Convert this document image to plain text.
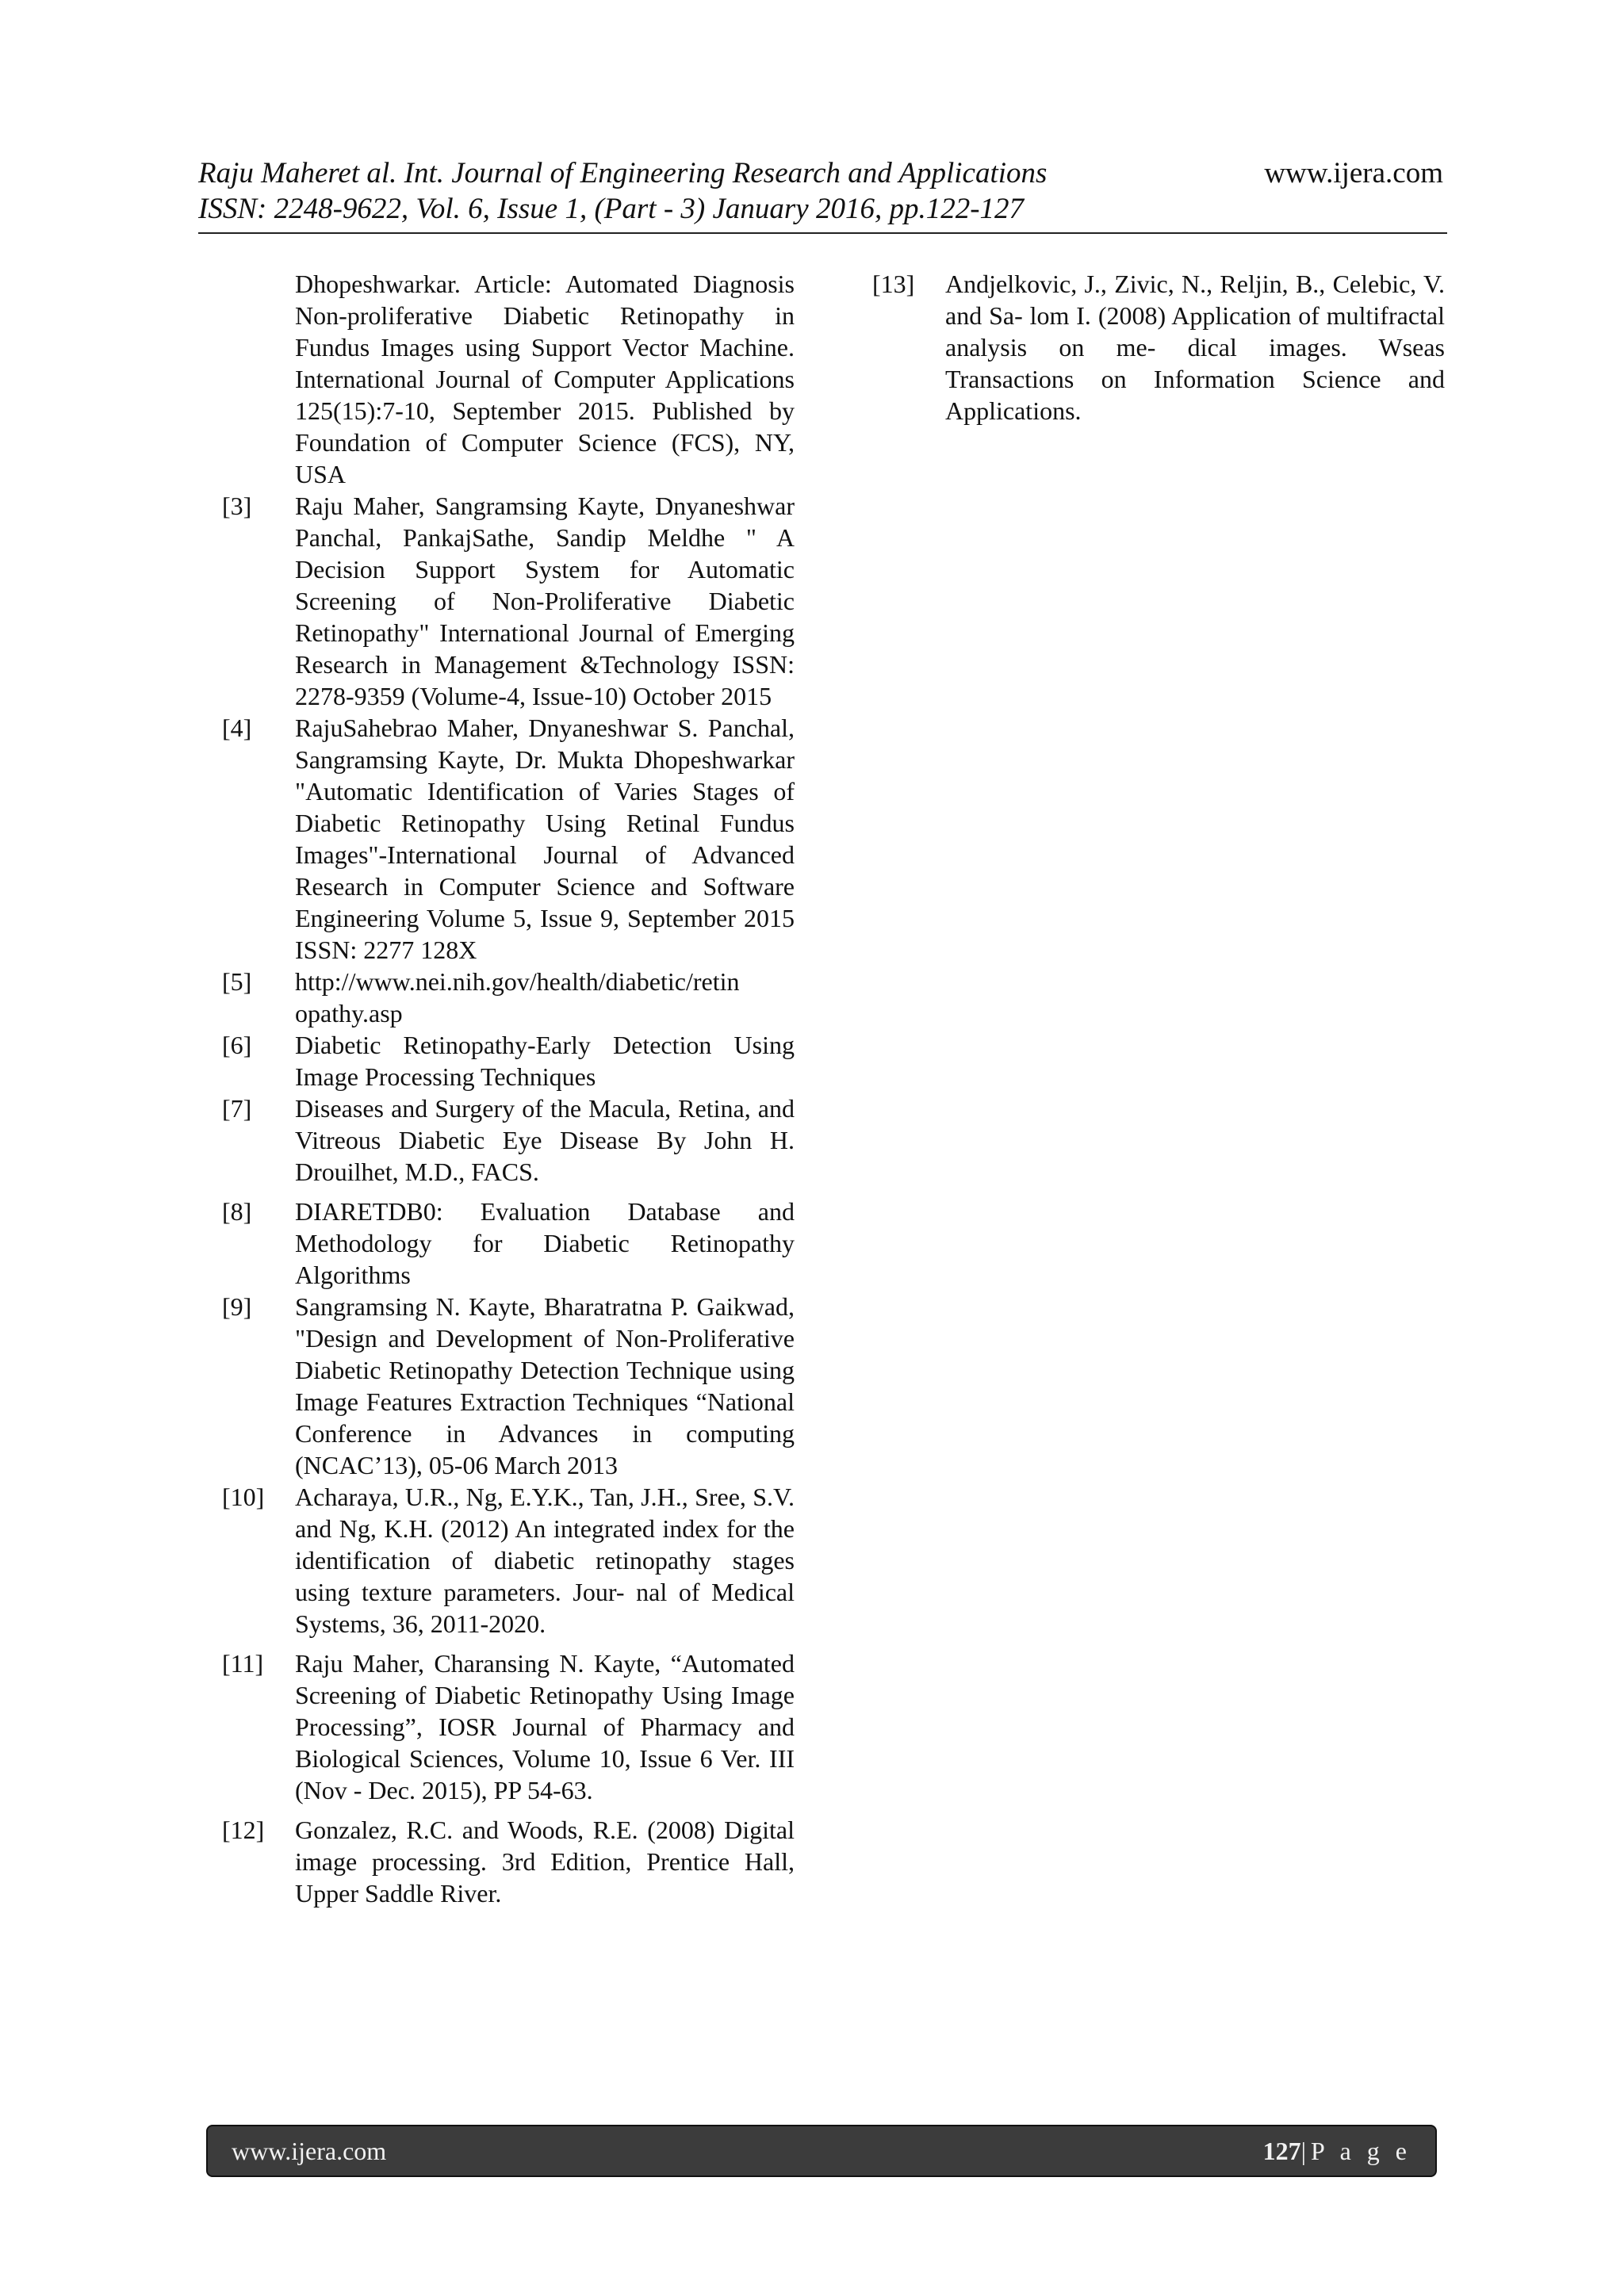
Raju Maheret al. Int. Journal of Engineering Research and Applications	www.ijera.com
ISSN: 2248-9622, Vol. 6, Issue 1, (Part - 3) January 2016, pp.122-127
Dhopeshwarkar. Article: Automated Diagnosis Non-proliferative Diabetic Retinopathy in Fundus Images using Support Vector Machine. International Journal of Computer Applications 125(15):7-10, September 2015. Published by Foundation of Computer Science (FCS), NY, USA
[3]	Raju Maher, Sangramsing Kayte, Dnyaneshwar Panchal, PankajSathe, Sandip Meldhe " A Decision Support System for Automatic Screening of Non-Proliferative Diabetic Retinopathy" International Journal of Emerging Research in Management &Technology ISSN: 2278-9359 (Volume-4, Issue-10) October 2015
[4]	RajuSahebrao Maher, Dnyaneshwar S. Panchal, Sangramsing Kayte, Dr. Mukta Dhopeshwarkar "Automatic Identification of Varies Stages of Diabetic Retinopathy Using Retinal Fundus Images"-International Journal of Advanced Research in Computer Science and Software Engineering Volume 5, Issue 9, September 2015 ISSN: 2277 128X
[5]	http://www.nei.nih.gov/health/diabetic/retin opathy.asp
[6]	Diabetic Retinopathy-Early Detection Using Image Processing Techniques
[7]	Diseases and Surgery of the Macula, Retina, and Vitreous Diabetic Eye Disease By John H. Drouilhet, M.D., FACS.
[8]	DIARETDB0: Evaluation Database and Methodology for Diabetic Retinopathy Algorithms
[9]	Sangramsing N. Kayte, Bharatratna P. Gaikwad, "Design and Development of Non-Proliferative Diabetic Retinopathy Detection Technique using Image Features Extraction Techniques “National Conference in Advances in computing (NCAC’13), 05-06 March 2013
[10]	Acharaya, U.R., Ng, E.Y.K., Tan, J.H., Sree, S.V. and Ng, K.H. (2012) An integrated index for the identification of diabetic retinopathy stages using texture parameters. Jour- nal of Medical Systems, 36, 2011-2020.
[11]	Raju Maher, Charansing N. Kayte, “Automated Screening of Diabetic Retinopathy Using Image Processing”, IOSR Journal of Pharmacy and Biological Sciences, Volume 10, Issue 6 Ver. III (Nov - Dec. 2015), PP 54-63.
[12]	Gonzalez, R.C. and Woods, R.E. (2008) Digital image processing. 3rd Edition, Prentice Hall, Upper Saddle River.
[13]	Andjelkovic, J., Zivic, N., Reljin, B., Celebic, V. and Sa- lom I. (2008) Application of multifractal analysis on me- dical images. Wseas Transactions on Information Science and Applications.
www.ijera.com	127|P a g e
